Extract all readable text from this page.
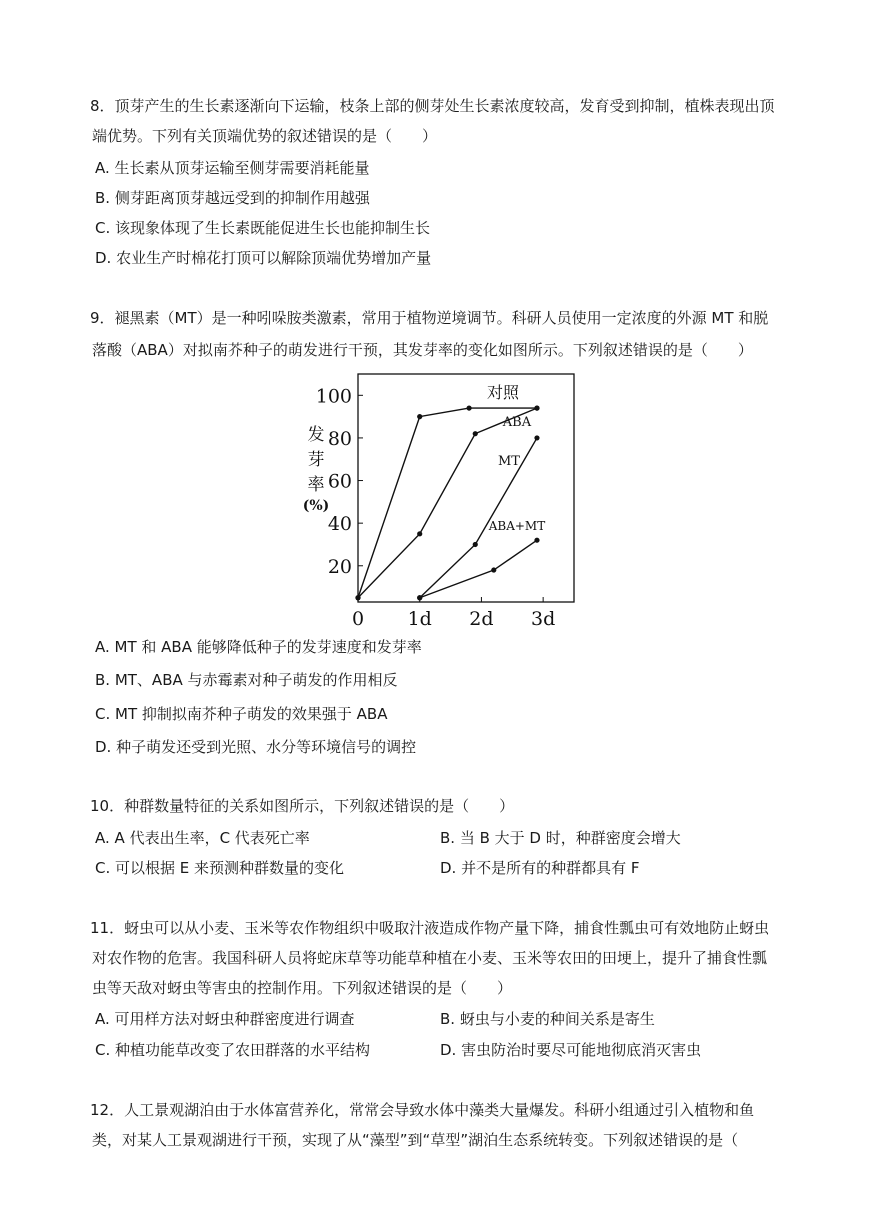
8．顶芽产生的生长素逐渐向下运输，枝条上部的侧芽处生长素浓度较高，发育受到抑制，植株表现出顶
端优势。下列有关顶端优势的叙述错误的是（　　）
A. 生长素从顶芽运输至侧芽需要消耗能量
B. 侧芽距离顶芽越远受到的抑制作用越强
C. 该现象体现了生长素既能促进生长也能抑制生长
D. 农业生产时棉花打顶可以解除顶端优势增加产量
9．褪黑素（MT）是一种吲哚胺类激素，常用于植物逆境调节。科研人员使用一定浓度的外源 MT 和脱
落酸（ABA）对拟南芥种子的萌发进行干预，其发芽率的变化如图所示。下列叙述错误的是（　　）
20
40
60
80
100
0 1d 2d 3d
发
芽
率
(%)
对照
ABA
MT
ABA+MT
A. MT 和 ABA 能够降低种子的发芽速度和发芽率
B. MT、ABA 与赤霉素对种子萌发的作用相反
C. MT 抑制拟南芥种子萌发的效果强于 ABA
D. 种子萌发还受到光照、水分等环境信号的调控
10．种群数量特征的关系如图所示，下列叙述错误的是（　　）
A. A 代表出生率，C 代表死亡率	B. 当 B 大于 D 时，种群密度会增大
C. 可以根据 E 来预测种群数量的变化	D. 并不是所有的种群都具有 F
11．蚜虫可以从小麦、玉米等农作物组织中吸取汁液造成作物产量下降，捕食性瓢虫可有效地防止蚜虫
对农作物的危害。我国科研人员将蛇床草等功能草种植在小麦、玉米等农田的田埂上，提升了捕食性瓢
虫等天敌对蚜虫等害虫的控制作用。下列叙述错误的是（　　）
A. 可用样方法对蚜虫种群密度进行调查	B. 蚜虫与小麦的种间关系是寄生
C. 种植功能草改变了农田群落的水平结构	D. 害虫防治时要尽可能地彻底消灭害虫
12．人工景观湖泊由于水体富营养化，常常会导致水体中藻类大量爆发。科研小组通过引入植物和鱼
类，对某人工景观湖进行干预，实现了从“藻型”到“草型”湖泊生态系统转变。下列叙述错误的是（
